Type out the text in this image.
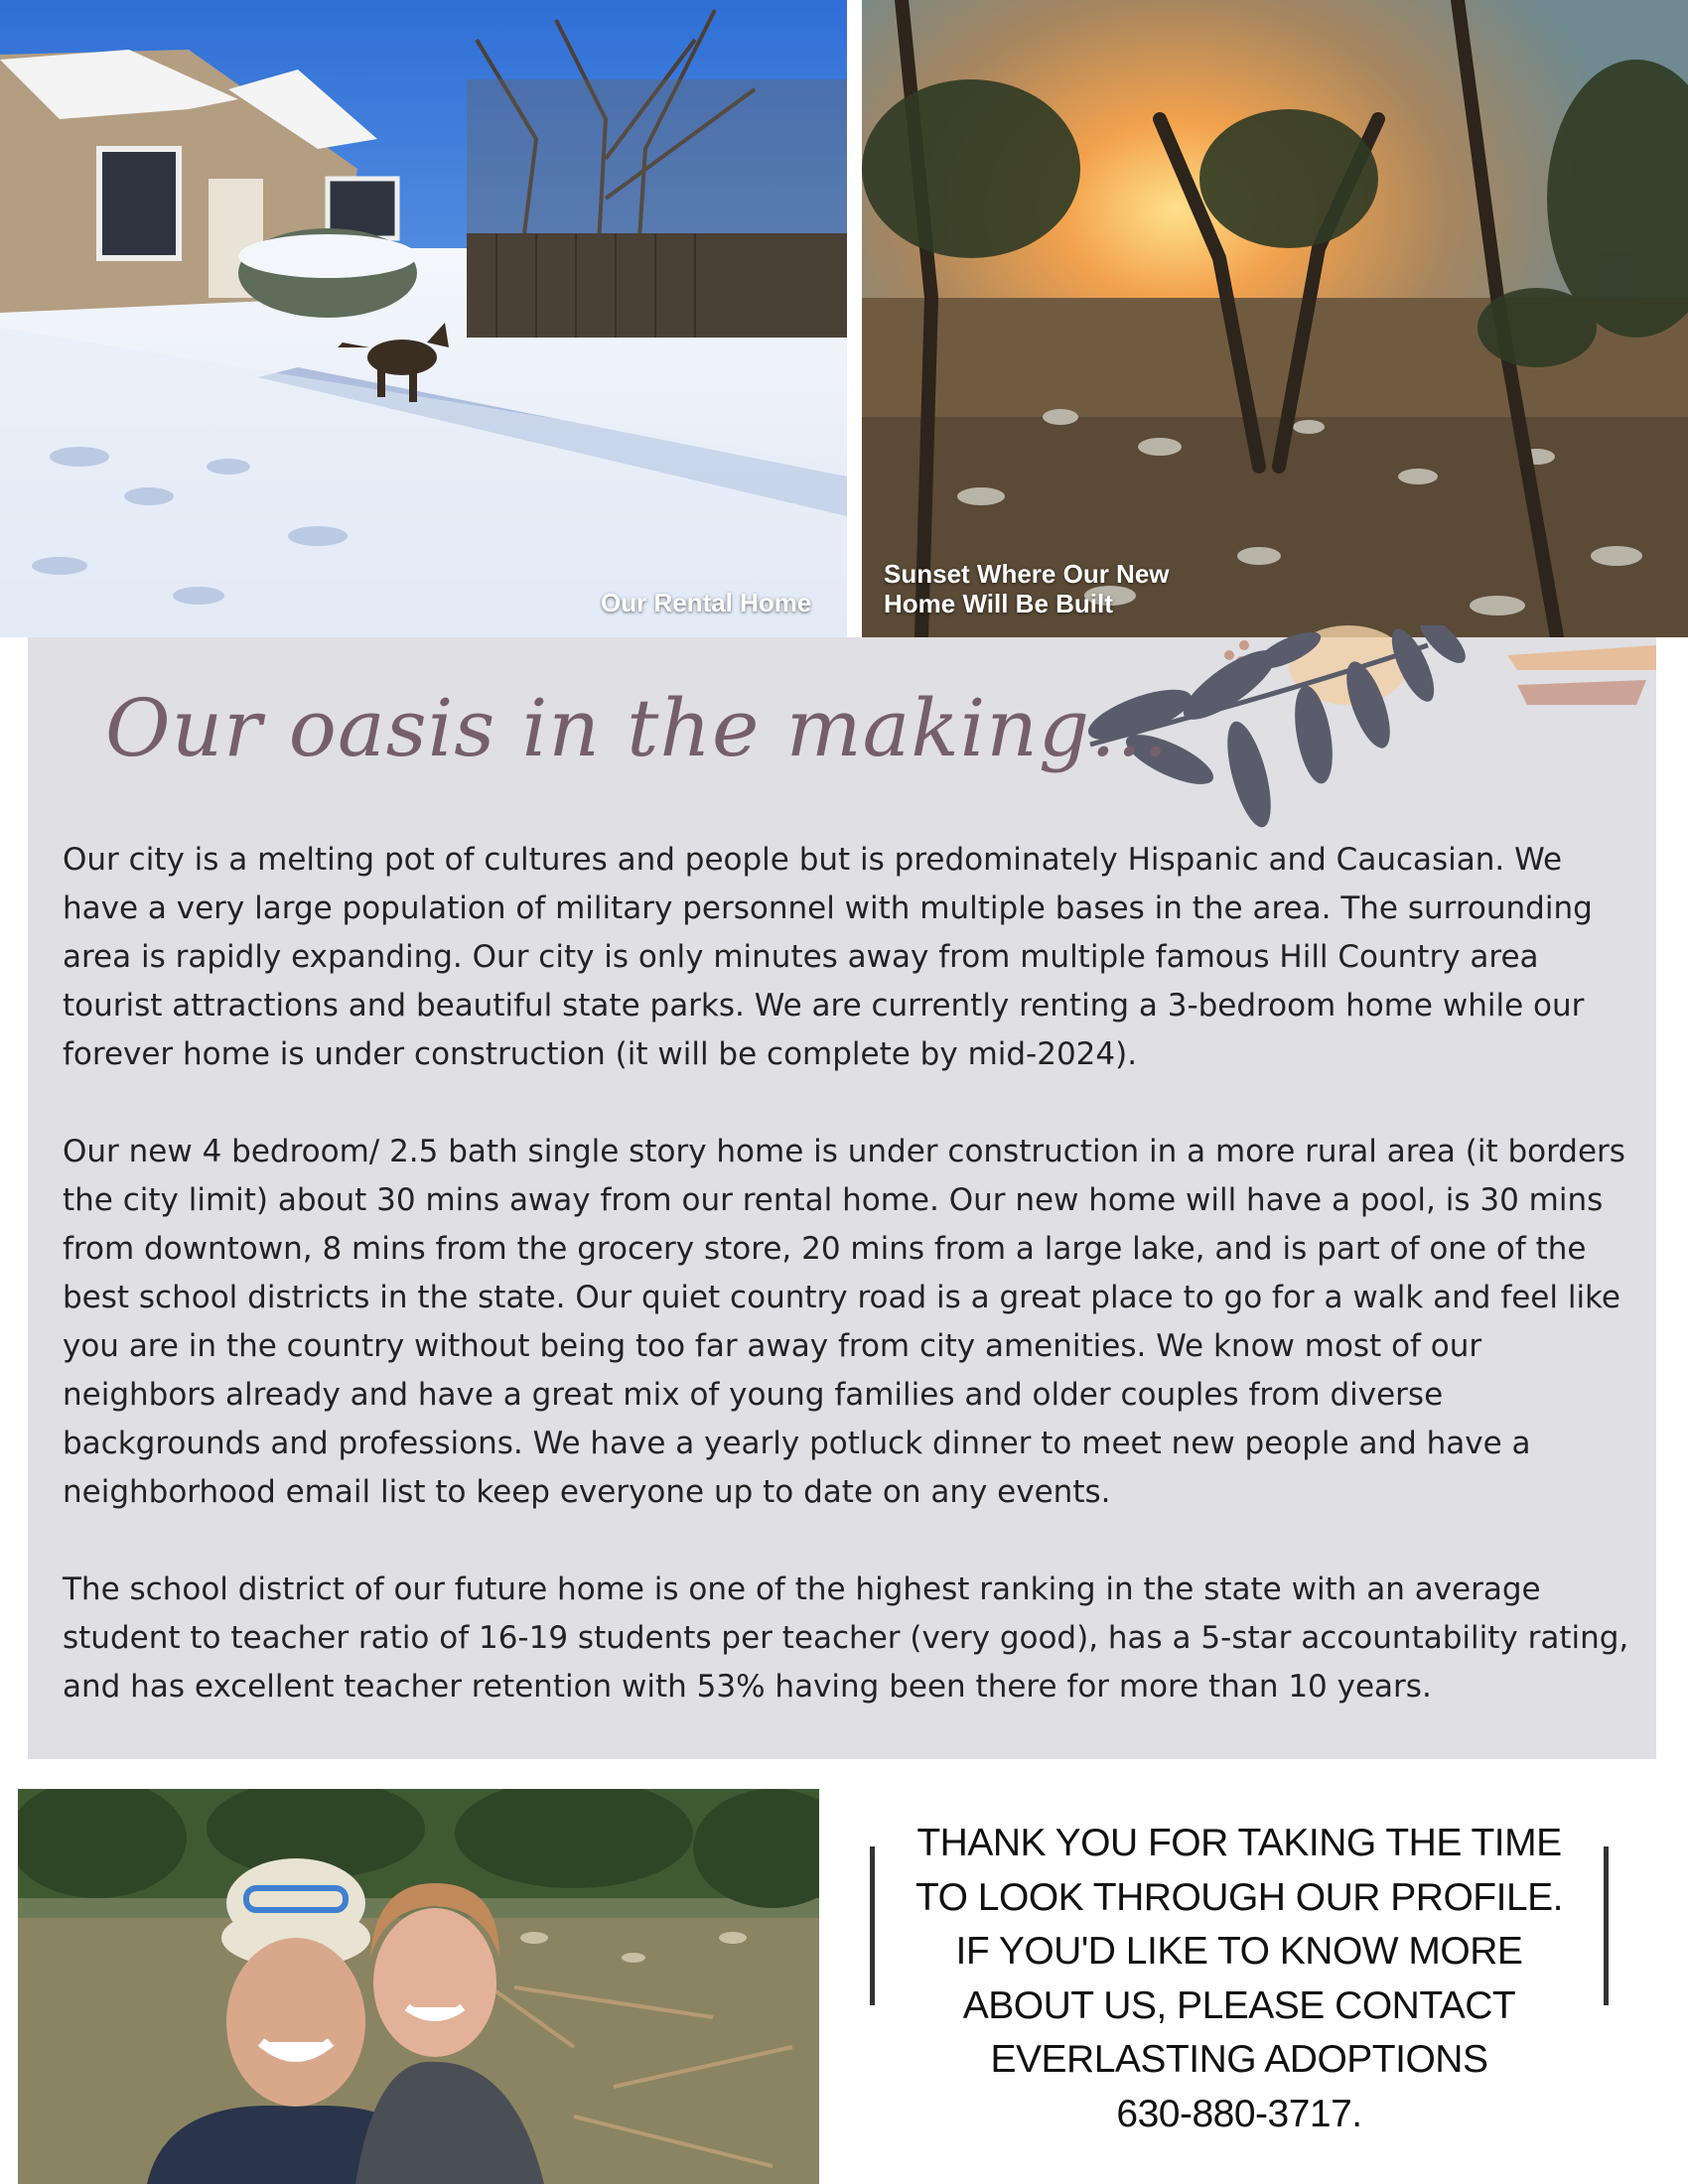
Our Rental Home
Sunset Where Our New Home Will Be Built
Our oasis in the making...

Our city is a melting pot of cultures and people but is predominately Hispanic and Caucasian. We have a very large population of military personnel with multiple bases in the area. The surrounding area is rapidly expanding. Our city is only minutes away from multiple famous Hill Country area tourist attractions and beautiful state parks. We are currently renting a 3-bedroom home while our forever home is under construction (it will be complete by mid-2024).

Our new 4 bedroom/ 2.5 bath single story home is under construction in a more rural area (it borders the city limit) about 30 mins away from our rental home. Our new home will have a pool, is 30 mins from downtown, 8 mins from the grocery store, 20 mins from a large lake, and is part of one of the best school districts in the state. Our quiet country road is a great place to go for a walk and feel like you are in the country without being too far away from city amenities. We know most of our neighbors already and have a great mix of young families and older couples from diverse backgrounds and professions. We have a yearly potluck dinner to meet new people and have a neighborhood email list to keep everyone up to date on any events.

The school district of our future home is one of the highest ranking in the state with an average student to teacher ratio of 16-19 students per teacher (very good), has a 5-star accountability rating, and has excellent teacher retention with 53% having been there for more than 10 years.

THANK YOU FOR TAKING THE TIME
TO LOOK THROUGH OUR PROFILE.
IF YOU'D LIKE TO KNOW MORE
ABOUT US, PLEASE CONTACT
EVERLASTING ADOPTIONS
630-880-3717.
